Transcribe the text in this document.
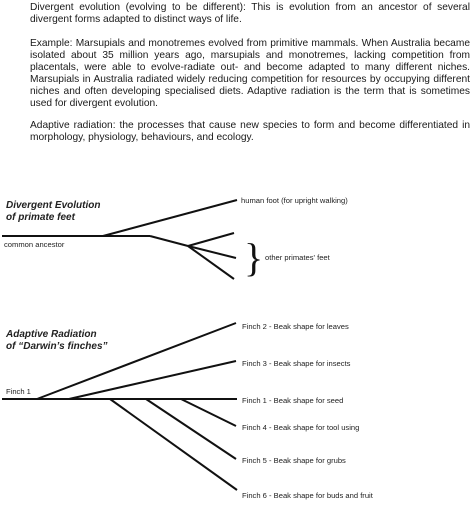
Divergent evolution (evolving to be different): This is evolution from an ancestor of several divergent forms adapted to distinct ways of life.

Example: Marsupials and monotremes evolved from primitive mammals. When Australia became isolated about 35 million years ago, marsupials and monotremes, lacking competition from placentals, were able to evolve-radiate out- and become adapted to many different niches. Marsupials in Australia radiated widely reducing competition for resources by occupying different niches and often developing specialised diets. Adaptive radiation is the term that is sometimes used for divergent evolution.

Adaptive radiation: the processes that cause new species to form and become differentiated in morphology, physiology, behaviours, and ecology.

Divergent Evolution
of primate feet
common ancestor
human foot (for upright walking)
} other primates' feet
Adaptive Radiation
of “Darwin’s finches”
Finch 1
Finch 2 - Beak shape for leaves
Finch 3 - Beak shape for insects
Finch 1 - Beak shape for seed
Finch 4 - Beak shape for tool using
Finch 5 - Beak shape for grubs
Finch 6 - Beak shape for buds and fruit
